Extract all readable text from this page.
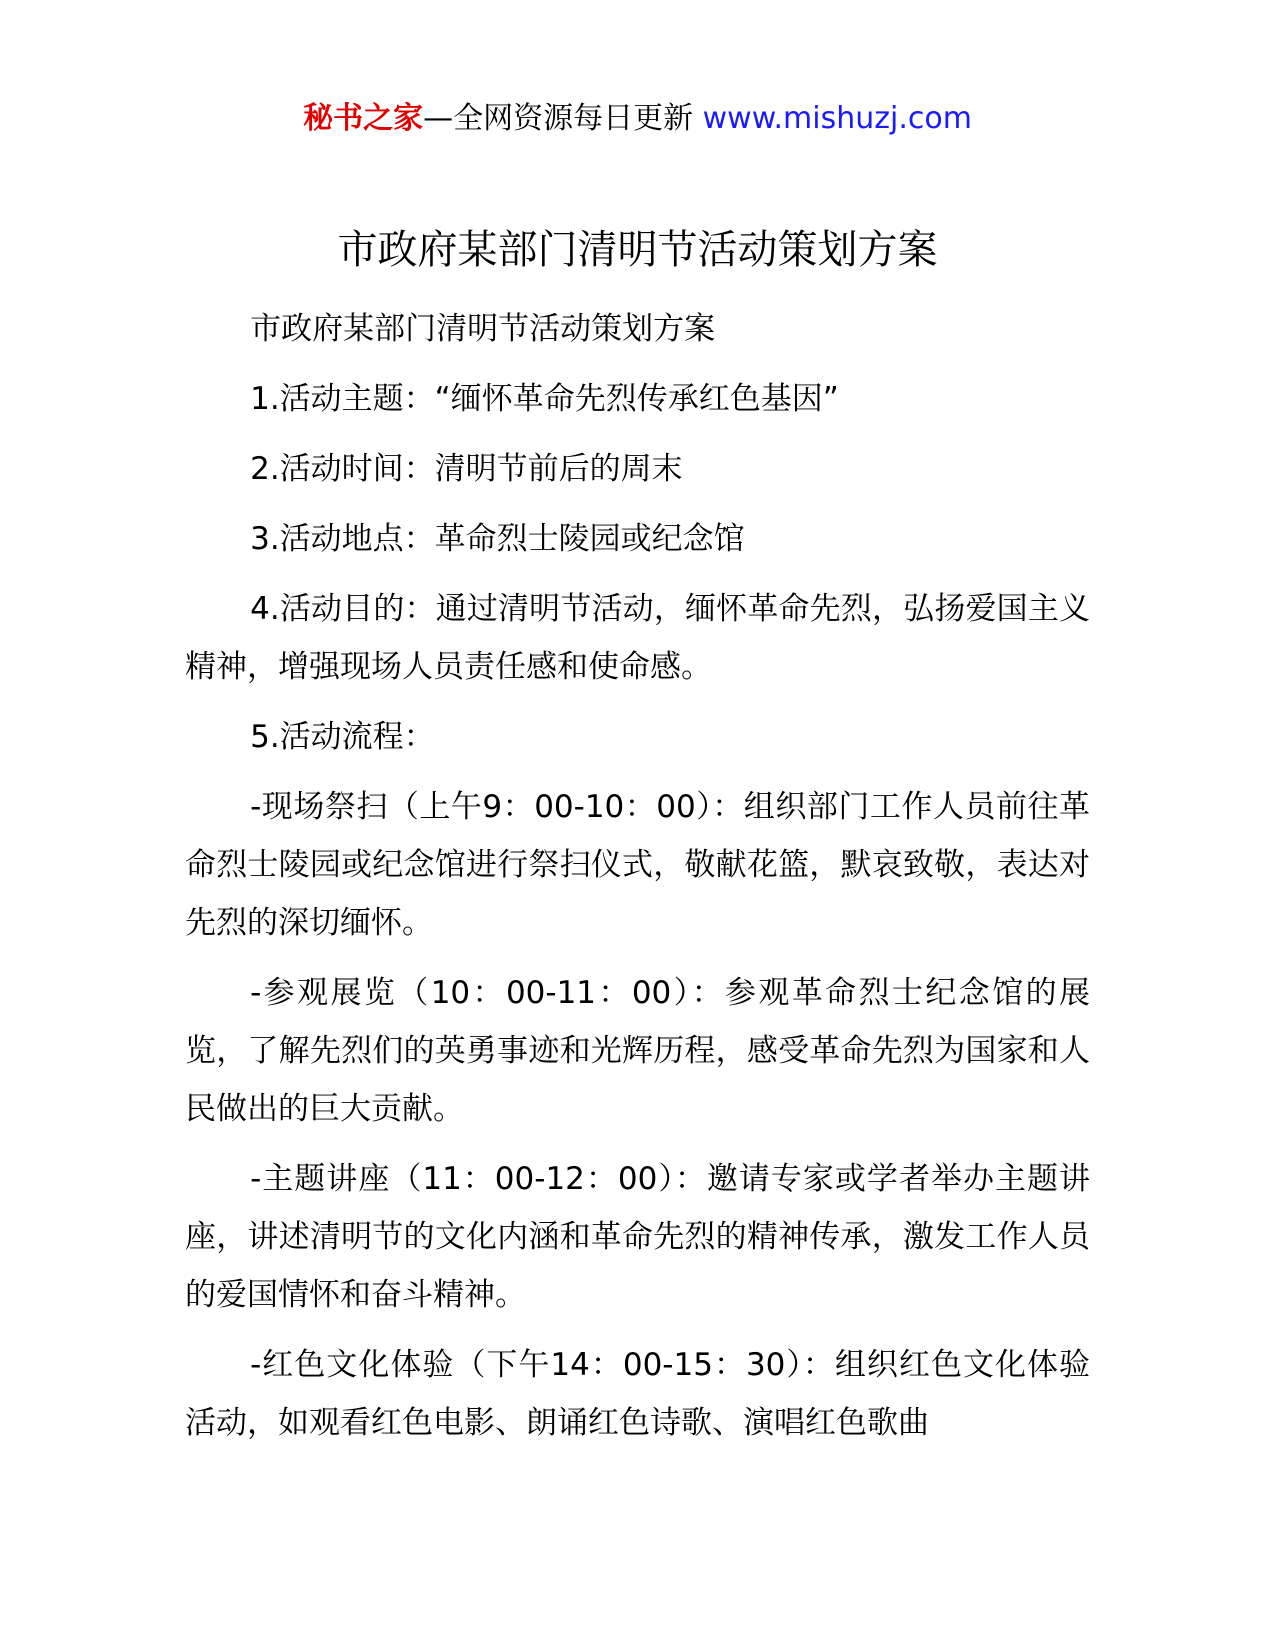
秘书之家—全网资源每日更新 www.mishuzj.com
市政府某部门清明节活动策划方案

市政府某部门清明节活动策划方案

1.活动主题：“缅怀革命先烈传承红色基因”

2.活动时间：清明节前后的周末

3.活动地点：革命烈士陵园或纪念馆

4.活动目的：通过清明节活动，缅怀革命先烈，弘扬爱国主义精神，增强现场人员责任感和使命感。

5.活动流程：

-现场祭扫（上午9：00-10：00）：组织部门工作人员前往革命烈士陵园或纪念馆进行祭扫仪式，敬献花篮，默哀致敬，表达对先烈的深切缅怀。

-参观展览（10：00-11：00）：参观革命烈士纪念馆的展览，了解先烈们的英勇事迹和光辉历程，感受革命先烈为国家和人民做出的巨大贡献。

-主题讲座（11：00-12：00）：邀请专家或学者举办主题讲座，讲述清明节的文化内涵和革命先烈的精神传承，激发工作人员的爱国情怀和奋斗精神。

-红色文化体验（下午14：00-15：30）：组织红色文化体验活动，如观看红色电影、朗诵红色诗歌、演唱红色歌曲
